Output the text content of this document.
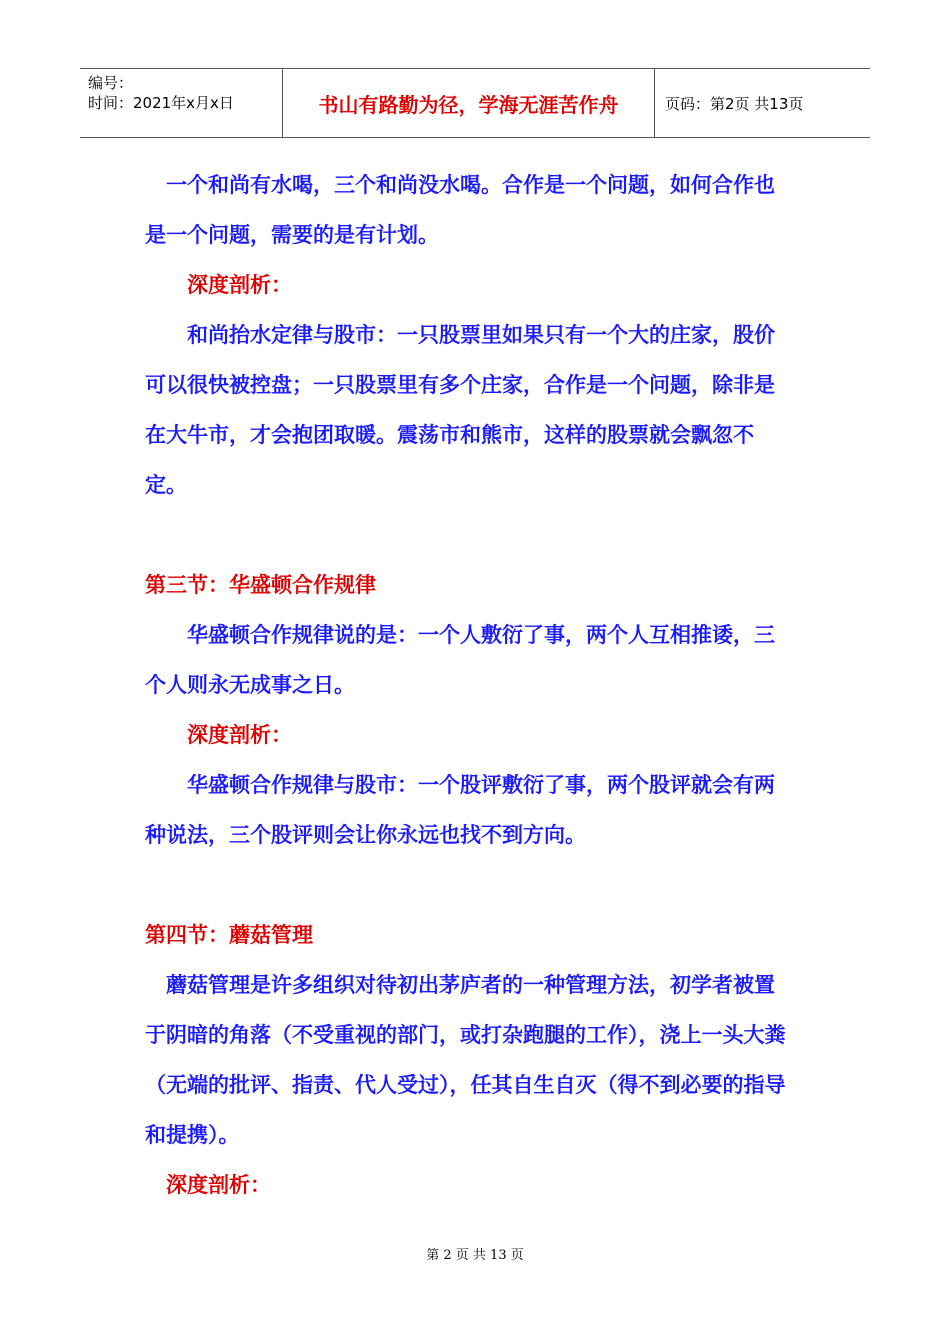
编号：
时间：2021年x月x日	书山有路勤为径，学海无涯苦作舟	页码：第2页 共13页

一个和尚有水喝，三个和尚没水喝。合作是一个问题，如何合作也是一个问题，需要的是有计划。

深度剖析：

和尚抬水定律与股市：一只股票里如果只有一个大的庄家，股价可以很快被控盘；一只股票里有多个庄家，合作是一个问题，除非是在大牛市，才会抱团取暖。震荡市和熊市，这样的股票就会飘忽不定。

第三节：华盛顿合作规律

华盛顿合作规律说的是：一个人敷衍了事，两个人互相推诿，三个人则永无成事之日。

深度剖析：

华盛顿合作规律与股市：一个股评敷衍了事，两个股评就会有两种说法，三个股评则会让你永远也找不到方向。

第四节：蘑菇管理

蘑菇管理是许多组织对待初出茅庐者的一种管理方法，初学者被置于阴暗的角落（不受重视的部门，或打杂跑腿的工作），浇上一头大粪（无端的批评、指责、代人受过），任其自生自灭（得不到必要的指导和提携）。

深度剖析：

第 2 页 共 13 页
